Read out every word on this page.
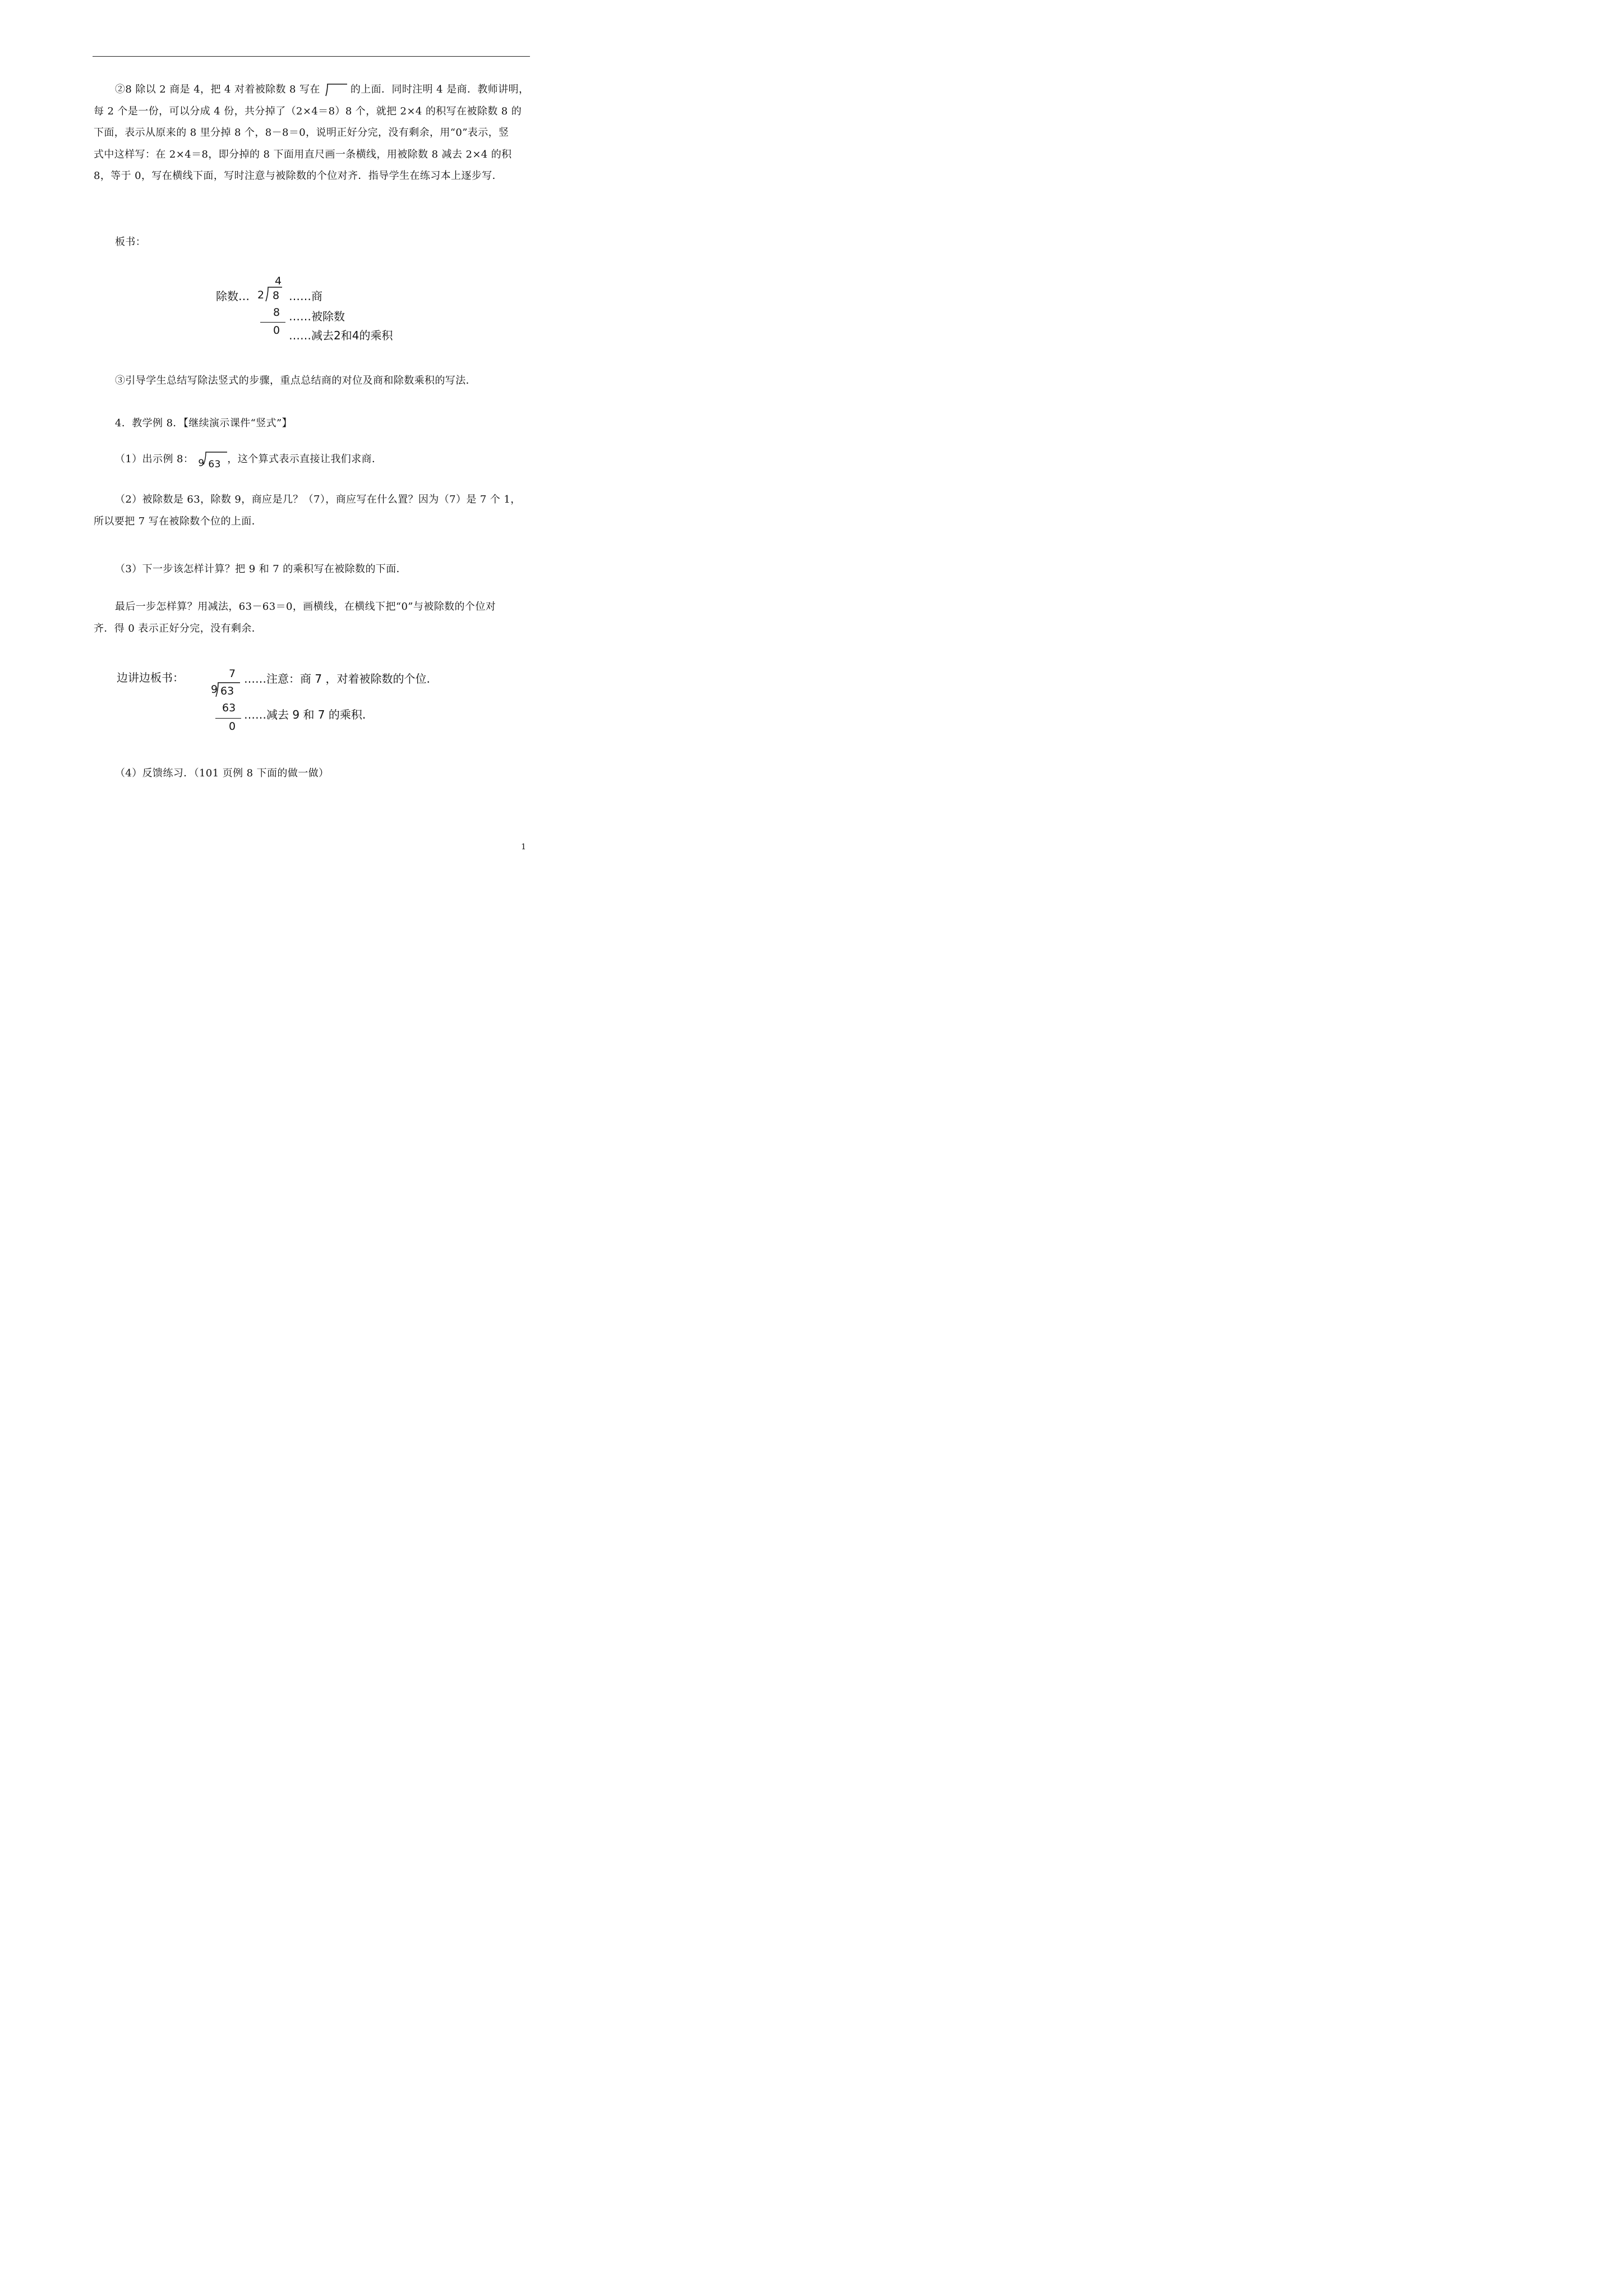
②8 除以 2 商是 4，把 4 对着被除数 8 写在	的上面．同时注明 4 是商．教师讲明，
每 2 个是一份，可以分成 4 份，共分掉了（2×4＝8）8 个，就把 2×4 的积写在被除数 8 的
下面，表示从原来的 8 里分掉 8 个，8－8＝0，说明正好分完，没有剩余，用“0”表示，竖
式中这样写：在 2×4＝8，即分掉的 8 下面用直尺画一条横线，用被除数 8 减去 2×4 的积
8，等于 0，写在横线下面，写时注意与被除数的个位对齐．指导学生在练习本上逐步写．
板书：
除数… 2
4
8 ……商
8 ……被除数
0 ……减去2和4的乘积
③引导学生总结写除法竖式的步骤，重点总结商的对位及商和除数乘积的写法．
4．教学例 8．【继续演示课件“竖式”】
（1）出示例 8： 9 63 ，这个算式表示直接让我们求商．
（2）被除数是 63，除数 9，商应是几？（7），商应写在什么置？因为（7）是 7 个 1，
所以要把 7 写在被除数个位的上面．
（3）下一步该怎样计算？把 9 和 7 的乘积写在被除数的下面．
最后一步怎样算？用减法，63－63＝0，画横线，在横线下把“0”与被除数的个位对
齐．得 0 表示正好分完，没有剩余．
边讲边板书：	7 ……注意：商 7 ，对着被除数的个位.
9 63
63 ……减去 9 和 7 的乘积.
0
（4）反馈练习．（101 页例 8 下面的做一做）
1
